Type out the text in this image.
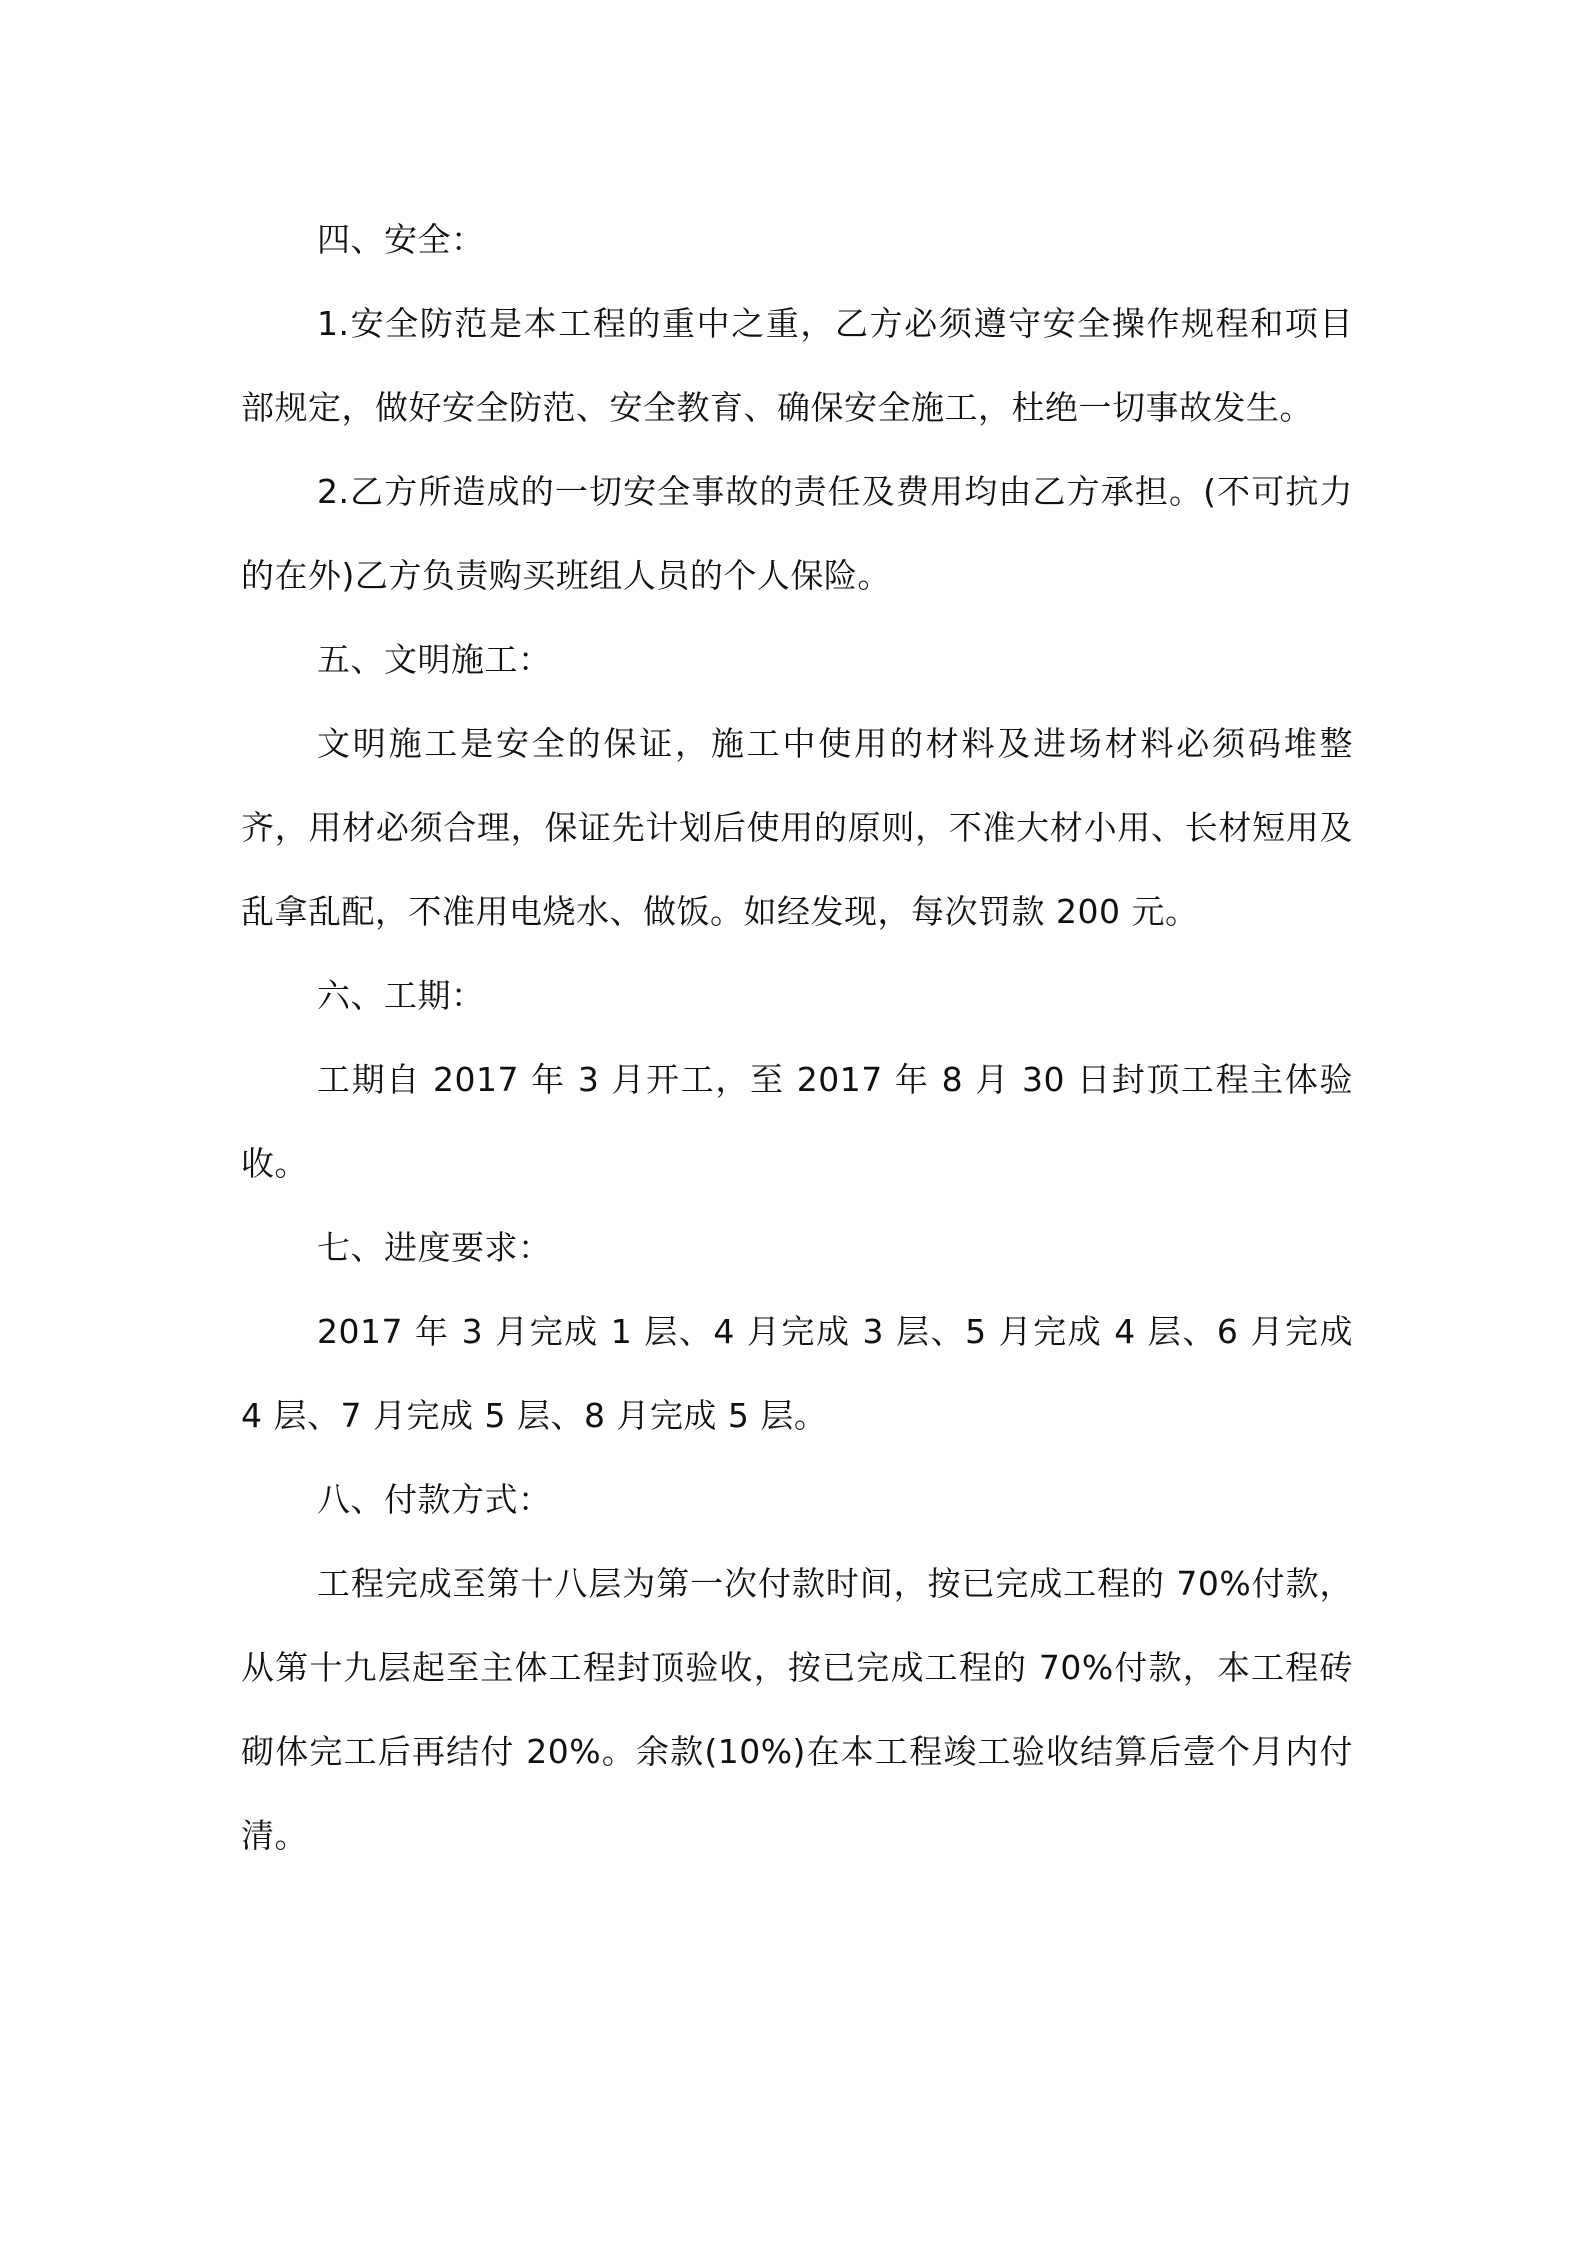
四、安全：

1.安全防范是本工程的重中之重，乙方必须遵守安全操作规程和项目部规定，做好安全防范、安全教育、确保安全施工，杜绝一切事故发生。

2.乙方所造成的一切安全事故的责任及费用均由乙方承担。(不可抗力的在外)乙方负责购买班组人员的个人保险。

五、文明施工：

文明施工是安全的保证，施工中使用的材料及进场材料必须码堆整齐，用材必须合理，保证先计划后使用的原则，不准大材小用、长材短用及乱拿乱配，不准用电烧水、做饭。如经发现，每次罚款 200 元。

六、工期：

工期自 2017 年 3 月开工，至 2017 年 8 月 30 日封顶工程主体验收。

七、进度要求：

2017 年 3 月完成 1 层、4 月完成 3 层、5 月完成 4 层、6 月完成 4 层、7 月完成 5 层、8 月完成 5 层。

八、付款方式：

工程完成至第十八层为第一次付款时间，按已完成工程的 70%付款，从第十九层起至主体工程封顶验收，按已完成工程的 70%付款，本工程砖砌体完工后再结付 20%。余款(10%)在本工程竣工验收结算后壹个月内付清。
